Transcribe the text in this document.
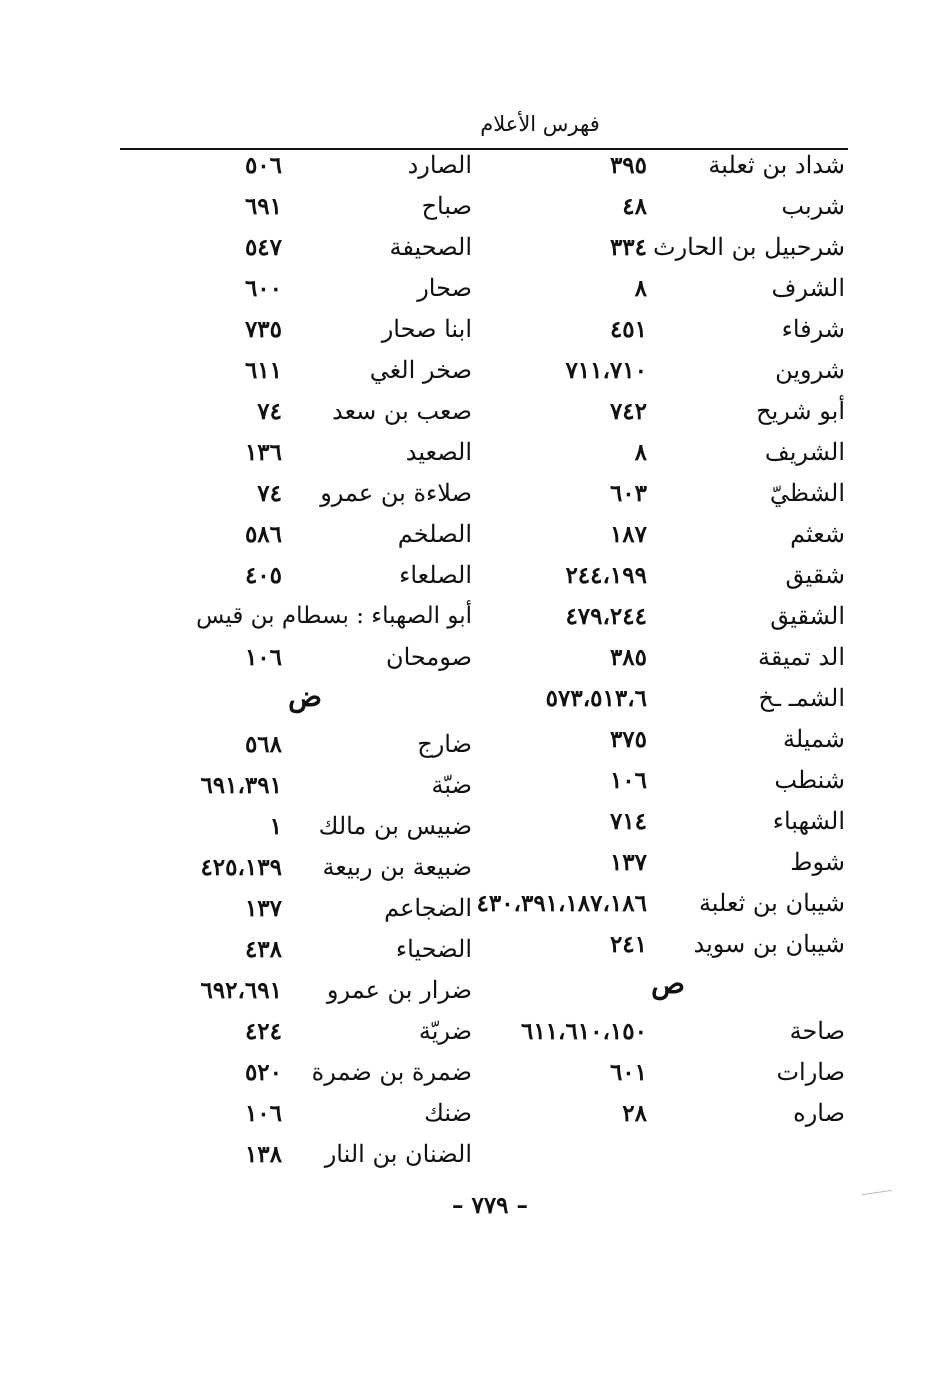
فهرس الأعلام
شداد بن ثعلبة
٣٩٥
شربب
٤٨
شرحبيل بن الحارث
٣٣٤
الشرف
٨
شرفاء
٤٥١
شروين
٧١١،٧١٠
أبو شريح
٧٤٢
الشريف
٨
الشظيّ
٦٠٣
شعثم
١٨٧
شقيق
٢٤٤،١٩٩
الشقيق
٤٧٩،٢٤٤
الد تميقة
٣٨٥
الشمـ ـخ
٥٧٣،٥١٣،٦
شميلة
٣٧٥
شنطب
١٠٦
الشهباء
٧١٤
شوط
١٣٧
شيبان بن ثعلبة
٤٣٠،٣٩١،١٨٧،١٨٦
شيبان بن سويد
٢٤١
ص
صاحة
٦١١،٦١٠،١٥٠
صارات
٦٠١
صاره
٢٨
الصارد
٥٠٦
صباح
٦٩١
الصحيفة
٥٤٧
صحار
٦٠٠
ابنا صحار
٧٣٥
صخر الغي
٦١١
صعب بن سعد
٧٤
الصعيد
١٣٦
صلاءة بن عمرو
٧٤
الصلخم
٥٨٦
الصلعاء
٤٠٥
أبو الصهباء : بسطام بن قيس
صومحان
١٠٦
ض
ضارج
٥٦٨
ضبّة
٦٩١،٣٩١
ضبيس بن مالك
١
ضبيعة بن ربيعة
٤٢٥،١٣٩
الضجاعم
١٣٧
الضحياء
٤٣٨
ضرار بن عمرو
٦٩٢،٦٩١
ضريّة
٤٢٤
ضمرة بن ضمرة
٥٢٠
ضنك
١٠٦
الضنان بن النار
١٣٨
– ٧٧٩ –
